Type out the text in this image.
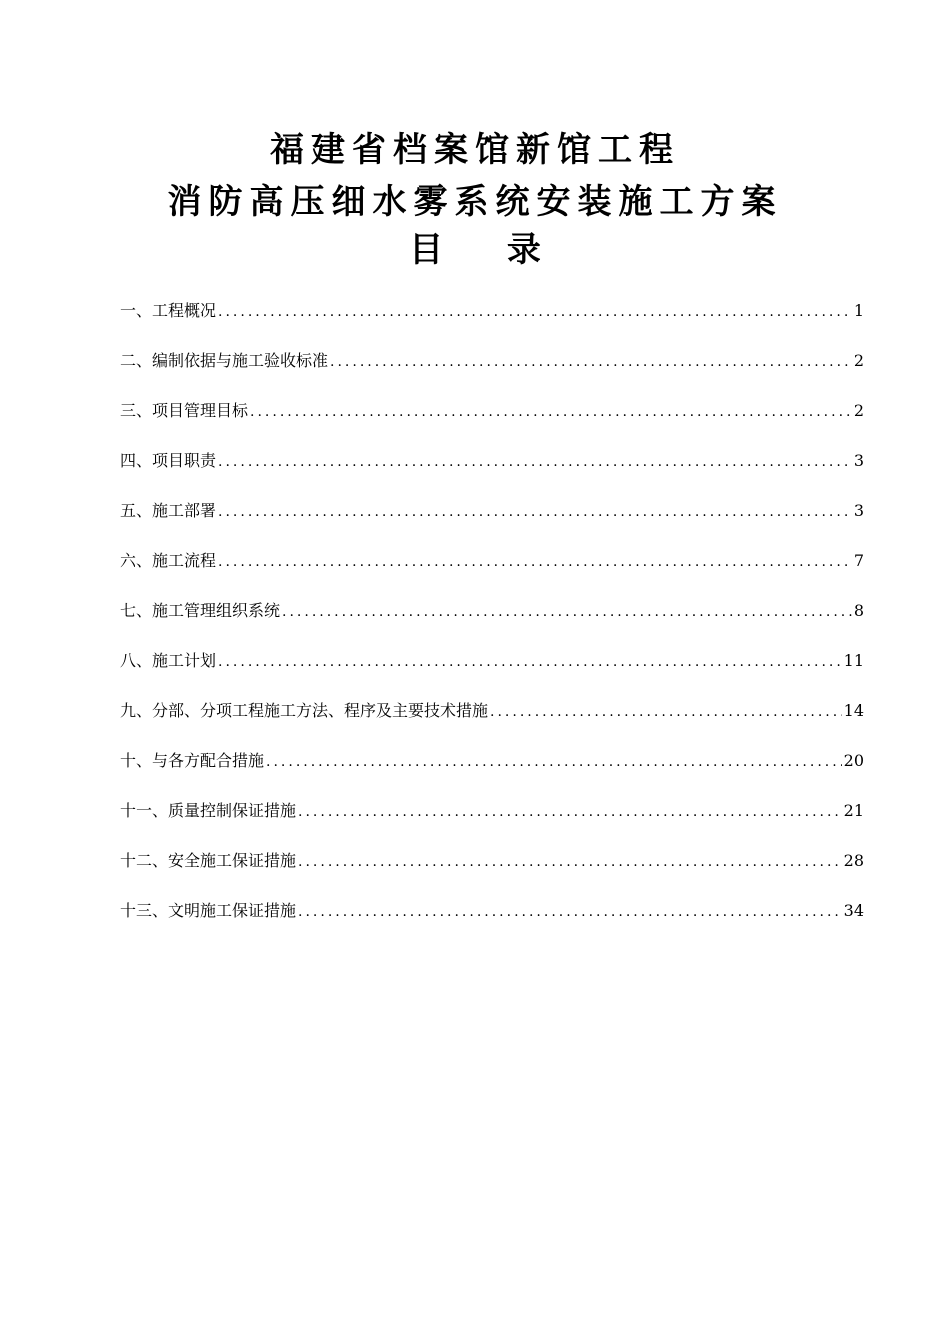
福建省档案馆新馆工程
消防高压细水雾系统安装施工方案
目 录
一、工程概况 .....	1
二、编制依据与施工验收标准 .....	2
三、项目管理目标 .....	2
四、项目职责 .....	3
五、施工部署 .....	3
六、施工流程 .....	7
七、施工管理组织系统 .....	8
八、施工计划 .....	11
九、分部、分项工程施工方法、程序及主要技术措施 .....	14
十、与各方配合措施 .....	20
十一、质量控制保证措施 .....	21
十二、安全施工保证措施 .....	28
十三、文明施工保证措施 .....	34
